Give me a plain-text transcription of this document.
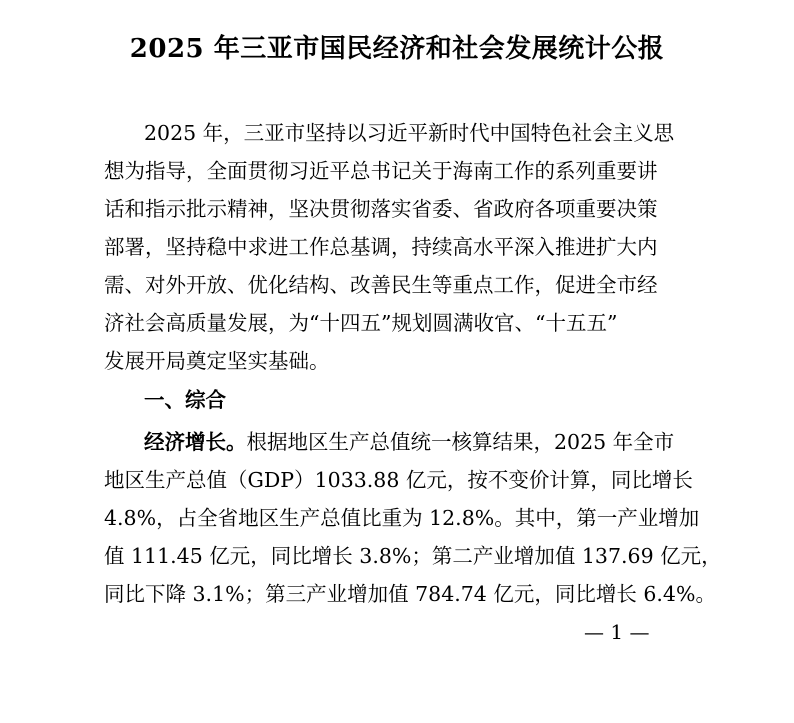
2025 年三亚市国民经济和社会发展统计公报
2025 年，三亚市坚持以习近平新时代中国特色社会主义思
想为指导，全面贯彻习近平总书记关于海南工作的系列重要讲
话和指示批示精神，坚决贯彻落实省委、省政府各项重要决策
部署，坚持稳中求进工作总基调，持续高水平深入推进扩大内
需、对外开放、优化结构、改善民生等重点工作，促进全市经
济社会高质量发展，为“十四五”规划圆满收官、“十五五”
发展开局奠定坚实基础。
一、综合
经济增长。根据地区生产总值统一核算结果，2025 年全市
地区生产总值（GDP）1033.88 亿元，按不变价计算，同比增长
4.8%，占全省地区生产总值比重为 12.8%。其中，第一产业增加
值 111.45 亿元，同比增长 3.8%；第二产业增加值 137.69 亿元，
同比下降 3.1%；第三产业增加值 784.74 亿元，同比增长 6.4%。
— 1 —
